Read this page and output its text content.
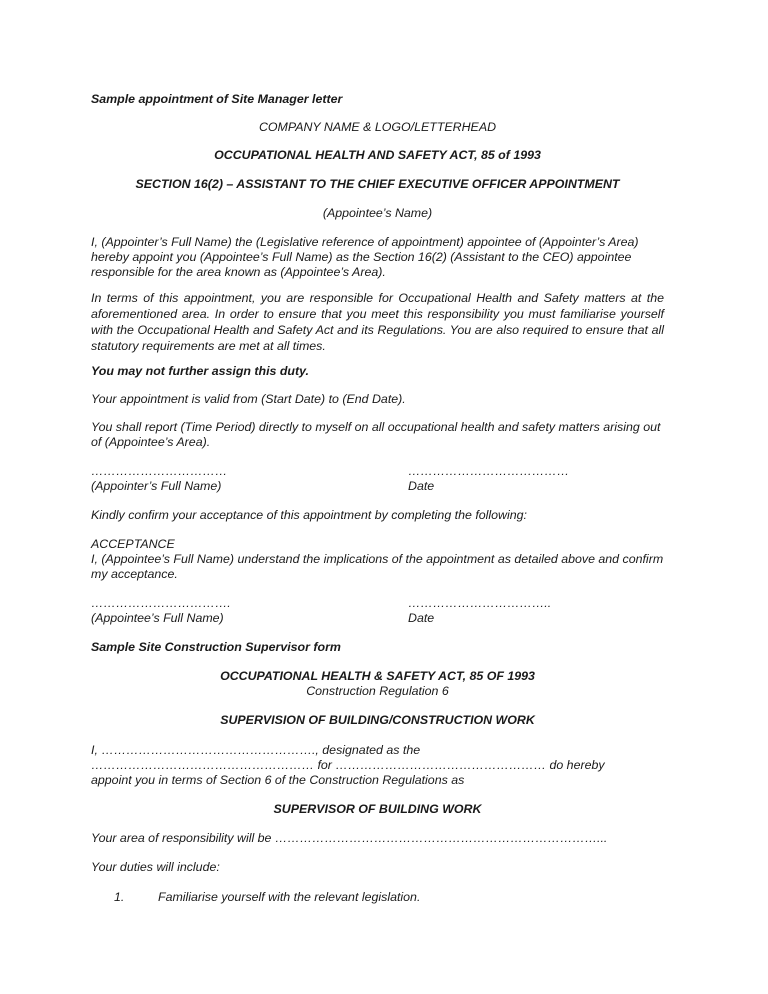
Sample appointment of Site Manager letter
COMPANY NAME & LOGO/LETTERHEAD
OCCUPATIONAL HEALTH AND SAFETY ACT, 85 of 1993
SECTION 16(2) – ASSISTANT TO THE CHIEF EXECUTIVE OFFICER APPOINTMENT
(Appointee’s Name)
I, (Appointer’s Full Name) the (Legislative reference of appointment) appointee of (Appointer’s Area)
hereby appoint you (Appointee’s Full Name) as the Section 16(2) (Assistant to the CEO) appointee
responsible for the area known as (Appointee’s Area).
In terms of this appointment, you are responsible for Occupational Health and Safety matters at the aforementioned area. In order to ensure that you meet this responsibility you must familiarise yourself with the Occupational Health and Safety Act and its Regulations. You are also required to ensure that all statutory requirements are met at all times.
You may not further assign this duty.
Your appointment is valid from (Start Date) to (End Date).
You shall report (Time Period) directly to myself on all occupational health and safety matters arising out
of (Appointee’s Area).
……………………………	…………………………………
(Appointer’s Full Name)	Date
Kindly confirm your acceptance of this appointment by completing the following:
ACCEPTANCE
I, (Appointee’s Full Name) understand the implications of the appointment as detailed above and confirm
my acceptance.
…………………………….	……………………………..
(Appointee’s Full Name)	Date
Sample Site Construction Supervisor form
OCCUPATIONAL HEALTH & SAFETY ACT, 85 OF 1993
Construction Regulation 6
SUPERVISION OF BUILDING/CONSTRUCTION WORK
I, ……………………………………………., designated as the
……………………………………………… for …………………………………………… do hereby
appoint you in terms of Section 6 of the Construction Regulations as
SUPERVISOR OF BUILDING WORK
Your area of responsibility will be ……………………………………………………………………...
Your duties will include:
1.	Familiarise yourself with the relevant legislation.
